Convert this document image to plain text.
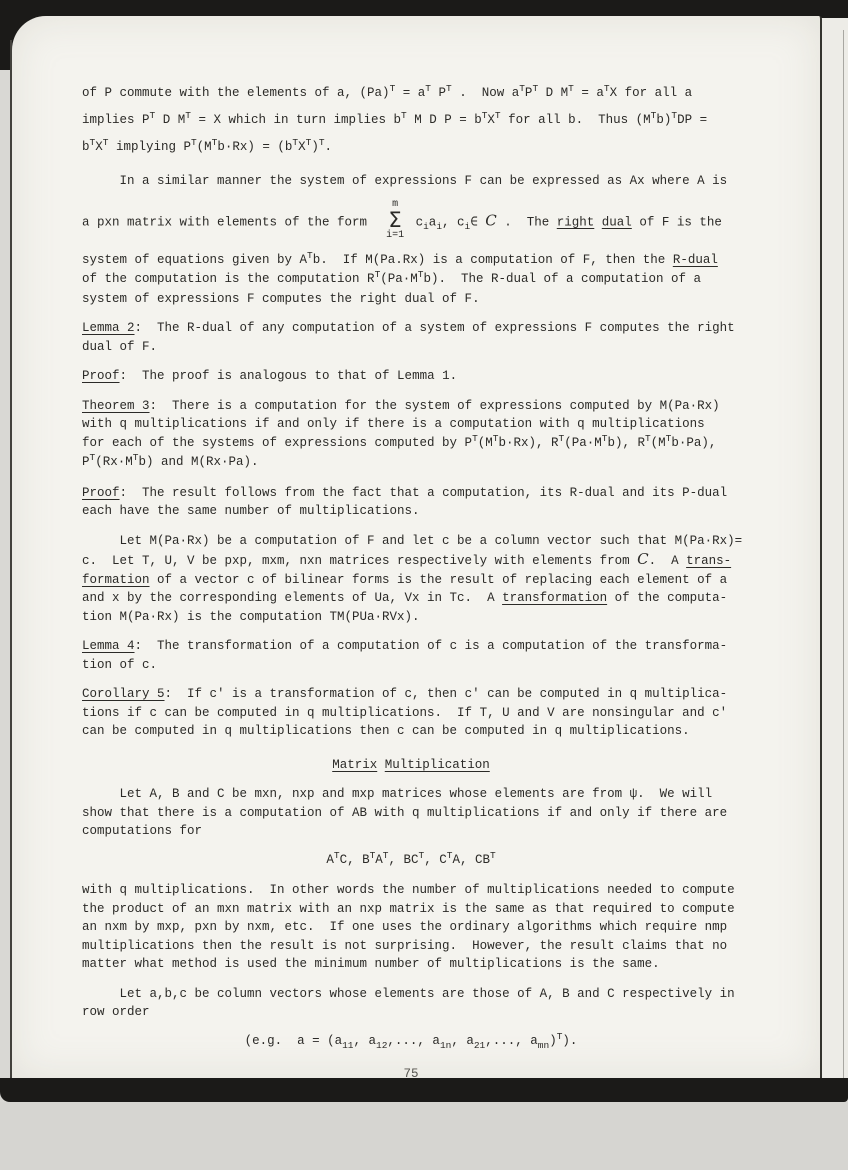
of P commute with the elements of a, (Pa)T = aT PT .  Now aTPT D MT = aTX for all a
implies PT D MT = X which in turn implies bT M D P = bTXT for all b.  Thus (MTb)TDP =
bTXT implying PT(MTb·Rx) = (bTXT)T.
In a similar manner the system of expressions F can be expressed as Ax where A is
a pxn matrix with elements of the form
m
Σ
i=1
ciai, ci∈ C .  The right dual of F is the
system of equations given by ATb.  If M(Pa.Rx) is a computation of F, then the R-dual
of the computation is the computation RT(Pa·MTb).  The R-dual of a computation of a
system of expressions F computes the right dual of F.
Lemma 2:  The R-dual of any computation of a system of expressions F computes the right
dual of F.
Proof:  The proof is analogous to that of Lemma 1.
Theorem 3:  There is a computation for the system of expressions computed by M(Pa·Rx)
with q multiplications if and only if there is a computation with q multiplications
for each of the systems of expressions computed by PT(MTb·Rx), RT(Pa·MTb), RT(MTb·Pa),
PT(Rx·MTb) and M(Rx·Pa).
Proof:  The result follows from the fact that a computation, its R-dual and its P-dual
each have the same number of multiplications.
Let M(Pa·Rx) be a computation of F and let c be a column vector such that M(Pa·Rx)=
c.  Let T, U, V be pxp, mxm, nxn matrices respectively with elements from C.  A trans-
formation of a vector c of bilinear forms is the result of replacing each element of a
and x by the corresponding elements of Ua, Vx in Tc.  A transformation of the computa-
tion M(Pa·Rx) is the computation TM(PUa·RVx).
Lemma 4:  The transformation of a computation of c is a computation of the transforma-
tion of c.
Corollary 5:  If c' is a transformation of c, then c' can be computed in q multiplica-
tions if c can be computed in q multiplications.  If T, U and V are nonsingular and c'
can be computed in q multiplications then c can be computed in q multiplications.
Matrix Multiplication
Let A, B and C be mxn, nxp and mxp matrices whose elements are from ψ.  We will
show that there is a computation of AB with q multiplications if and only if there are
computations for
ATC, BTAT, BCT, CTA, CBT
with q multiplications.  In other words the number of multiplications needed to compute
the product of an mxn matrix with an nxp matrix is the same as that required to compute
an nxm by mxp, pxn by nxm, etc.  If one uses the ordinary algorithms which require nmp
multiplications then the result is not surprising.  However, the result claims that no
matter what method is used the minimum number of multiplications is the same.
Let a,b,c be column vectors whose elements are those of A, B and C respectively in
row order
(e.g.  a = (a11, a12,..., a1n, a21,..., amn)T).
75
